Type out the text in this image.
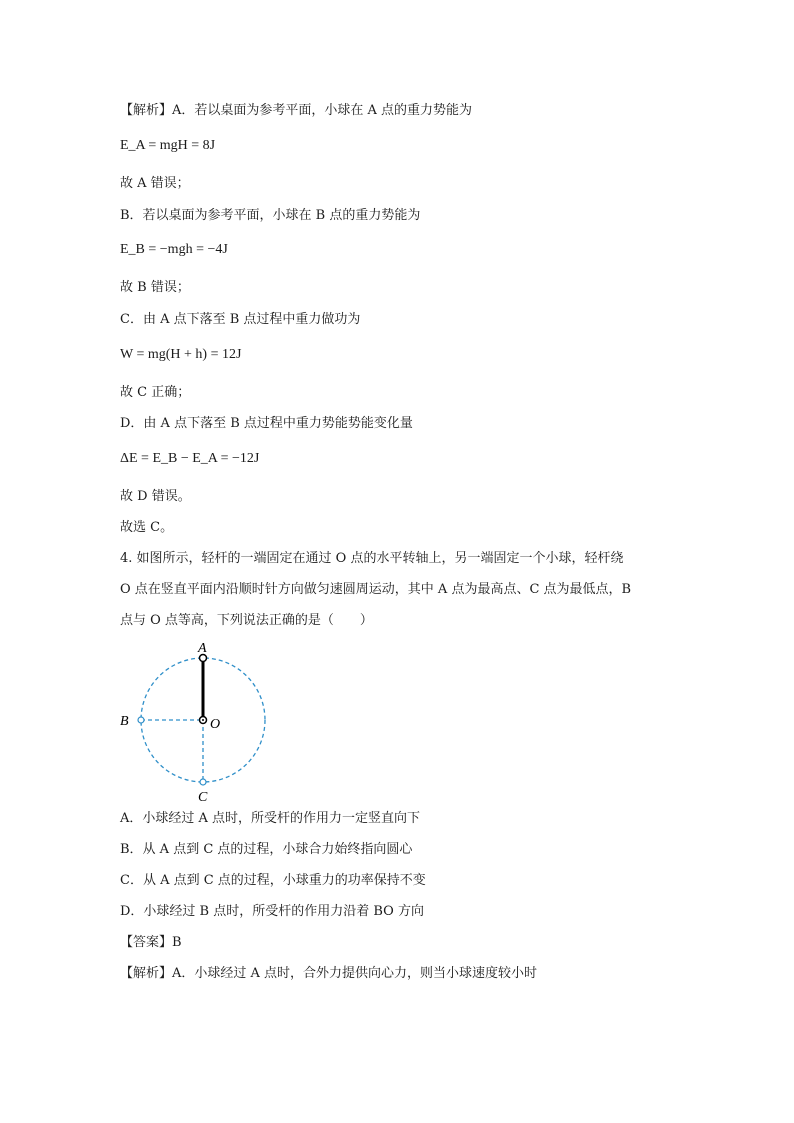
【解析】A．若以桌面为参考平面，小球在 A 点的重力势能为
E_A = mgH = 8J
故 A 错误；
B．若以桌面为参考平面，小球在 B 点的重力势能为
E_B = −mgh = −4J
故 B 错误；
C．由 A 点下落至 B 点过程中重力做功为
W = mg(H + h) = 12J
故 C 正确；
D．由 A 点下落至 B 点过程中重力势能势能变化量
ΔE = E_B − E_A = −12J
故 D 错误。
故选 C。
4. 如图所示，轻杆的一端固定在通过 O 点的水平转轴上，另一端固定一个小球，轻杆绕
O 点在竖直平面内沿顺时针方向做匀速圆周运动，其中 A 点为最高点、C 点为最低点，B
点与 O 点等高，下列说法正确的是（　　）
A
B	O
C
A．小球经过 A 点时，所受杆的作用力一定竖直向下
B．从 A 点到 C 点的过程，小球合力始终指向圆心
C．从 A 点到 C 点的过程，小球重力的功率保持不变
D．小球经过 B 点时，所受杆的作用力沿着 BO 方向
【答案】B
【解析】A．小球经过 A 点时，合外力提供向心力，则当小球速度较小时
